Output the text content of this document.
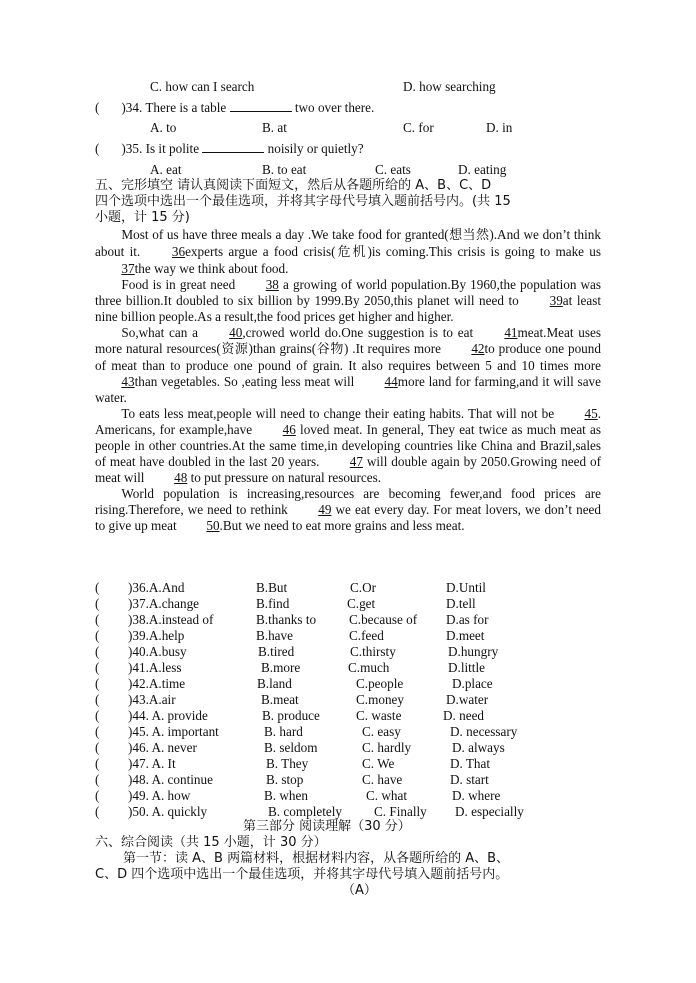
C. how can I search	D. how searching
( )34. There is a table	two over there.
A. to	B. at	C. for	D. in
( )35. Is it polite	noisily or quietly?
A. eat	B. to eat	C. eats	D. eating
五、完形填空 请认真阅读下面短文，然后从各题所给的 A、B、C、D
四个选项中选出一个最佳选项，并将其字母代号填入题前括号内。(共 15
小题，计 15 分)

Most of us have three meals a day .We take food for granted(想当然).And we don’t think about it. 36experts argue a food crisis(危机)is coming.This crisis is going to make us 37the way we think about food.

Food is in great need 38 a growing of world population.By 1960,the population was three billion.It doubled to six billion by 1999.By 2050,this planet will need to 39at least nine billion people.As a result,the food prices get higher and higher.

So,what can a 40,crowed world do.One suggestion is to eat 41meat.Meat uses more natural resources(资源)than grains(谷物) .It requires more 42to produce one pound of meat than to produce one pound of grain. It also requires between 5 and 10 times more 43than vegetables. So ,eating less meat will 44more land for farming,and it will save water.

To eats less meat,people will need to change their eating habits. That will not be 45. Americans, for example,have 46 loved meat. In general, They eat twice as much meat as people in other countries.At the same time,in developing countries like China and Brazil,sales of meat have doubled in the last 20 years. 47 will double again by 2050.Growing need of meat will 48 to put pressure on natural resources.

World population is increasing,resources are becoming fewer,and food prices are rising.Therefore, we need to rethink 49 we eat every day. For meat lovers, we don’t need to give up meat 50.But we need to eat more grains and less meat.

( )36.A.And	B.But	C.Or	D.Until
( )37.A.change	B.find	C.get	D.tell
( )38.A.instead of	B.thanks to C.because of D.as for
( )39.A.help	B.have	C.feed	D.meet
( )40.A.busy	B.tired	C.thirsty	D.hungry
( )41.A.less	B.more	C.much	D.little
( )42.A.time	B.land	C.people	D.place
( )43.A.air	B.meat	C.money	D.water
( )44. A. provide	B. produce	C. waste	D. need
( )45. A. important	B. hard	C. easy	D. necessary
( )46. A. never	B. seldom	C. hardly	D. always
( )47. A. It	B. They	C. We	D. That
( )48. A. continue	B. stop	C. have	D. start
( )49. A. how	B. when	C. what	D. where
( )50. A. quickly	B. completely C. Finally D. especially
第三部分 阅读理解（30 分）
六、综合阅读（共 15 小题，计 30 分）
第一节：读 A、B 两篇材料，根据材料内容，从各题所给的 A、B、
C、D 四个选项中选出一个最佳选项，并将其字母代号填入题前括号内。
（A）
